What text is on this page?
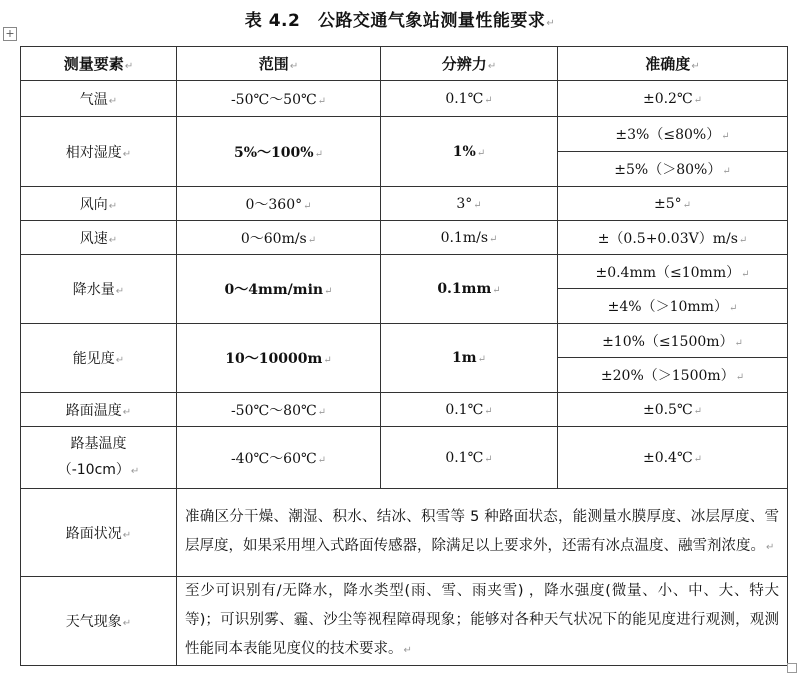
表 4.2　公路交通气象站测量性能要求 ↵
+
测量要素 ↵	范围 ↵	分辨力 ↵	准确度 ↵
气温 ↵	-50℃～50℃ ↵	0.1℃ ↵	±0.2℃ ↵
相对湿度 ↵	5%～100% ↵	1% ↵	±3%（≤80%） ↵
			±5%（＞80%） ↵
风向 ↵	0～360° ↵	3° ↵	±5° ↵
风速 ↵	0～60m/s ↵	0.1m/s ↵	±（0.5+0.03V）m/s ↵
降水量 ↵	0～4mm/min ↵	0.1mm ↵	±0.4mm（≤10mm） ↵
			±4%（＞10mm） ↵
能见度 ↵	10～10000m ↵	1m ↵	±10%（≤1500m） ↵
			±20%（＞1500m） ↵
路面温度 ↵	-50℃～80℃ ↵	0.1℃ ↵	±0.5℃ ↵
路基温度
（-10cm） ↵	-40℃～60℃ ↵	0.1℃ ↵	±0.4℃ ↵
路面状况 ↵	准确区分干燥、潮湿、积水、结冰、积雪等 5 种路面状态，能测量水膜厚度、冰层厚度、雪层厚度，如果采用埋入式路面传感器，除满足以上要求外，还需有冰点温度、融雪剂浓度。 ↵
天气现象 ↵	至少可识别有/无降水，降水类型(雨、雪、雨夹雪) ，降水强度(微量、小、中、大、特大等)；可识别雾、霾、沙尘等视程障碍现象；能够对各种天气状况下的能见度进行观测，观测性能同本表能见度仪的技术要求。 ↵
